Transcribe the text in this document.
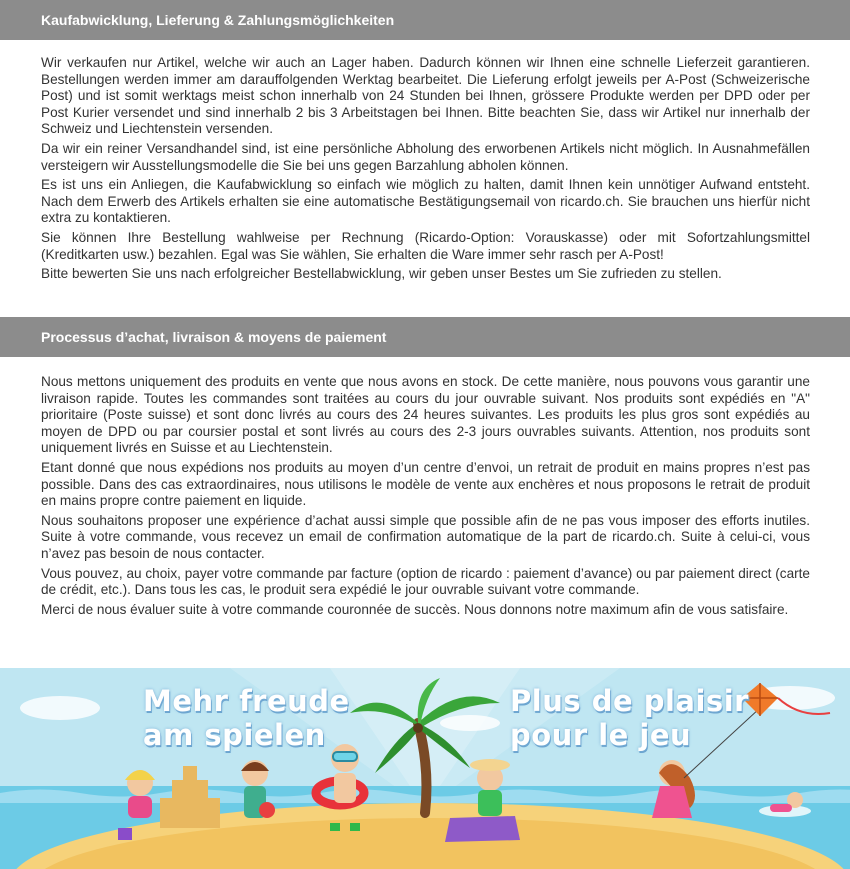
Kaufabwicklung, Lieferung & Zahlungsmöglichkeiten

Wir verkaufen nur Artikel, welche wir auch an Lager haben. Dadurch können wir Ihnen eine schnelle Lieferzeit garantieren. Bestellungen werden immer am darauffolgenden Werktag bearbeitet. Die Lieferung erfolgt jeweils per A-Post (Schweizerische Post) und ist somit werktags meist schon innerhalb von 24 Stunden bei Ihnen, grössere Produkte werden per DPD oder per Post Kurier versendet und sind innerhalb 2 bis 3 Arbeitstagen bei Ihnen. Bitte beachten Sie, dass wir Artikel nur innerhalb der Schweiz und Liechtenstein versenden.

Da wir ein reiner Versandhandel sind, ist eine persönliche Abholung des erworbenen Artikels nicht möglich. In Ausnahmefällen versteigern wir Ausstellungsmodelle die Sie bei uns gegen Barzahlung abholen können.

Es ist uns ein Anliegen, die Kaufabwicklung so einfach wie möglich zu halten, damit Ihnen kein unnötiger Aufwand entsteht. Nach dem Erwerb des Artikels erhalten sie eine automatische Bestätigungsemail von ricardo.ch. Sie brauchen uns hierfür nicht extra zu kontaktieren.

Sie können Ihre Bestellung wahlweise per Rechnung (Ricardo-Option: Vorauskasse) oder mit Sofortzahlungsmittel (Kreditkarten usw.) bezahlen. Egal was Sie wählen, Sie erhalten die Ware immer sehr rasch per A-Post!

Bitte bewerten Sie uns nach erfolgreicher Bestellabwicklung, wir geben unser Bestes um Sie zufrieden zu stellen.

Processus d’achat, livraison & moyens de paiement

Nous mettons uniquement des produits en vente que nous avons en stock. De cette manière, nous pouvons vous garantir une livraison rapide. Toutes les commandes sont traitées au cours du jour ouvrable suivant. Nos produits sont expédiés en "A" prioritaire (Poste suisse) et sont donc livrés au cours des 24 heures suivantes. Les produits les plus gros sont expédiés au moyen de DPD ou par coursier postal et sont livrés au cours des 2-3 jours ouvrables suivants. Attention, nos produits sont uniquement livrés en Suisse et au Liechtenstein.

Etant donné que nous expédions nos produits au moyen d’un centre d’envoi, un retrait de produit en mains propres n’est pas possible. Dans des cas extraordinaires, nous utilisons le modèle de vente aux enchères et nous proposons le retrait de produit en mains propre contre paiement en liquide.

Nous souhaitons proposer une expérience d’achat aussi simple que possible afin de ne pas vous imposer des efforts inutiles. Suite à votre commande, vous recevez un email de confirmation automatique de la part de ricardo.ch. Suite à celui-ci, vous n’avez pas besoin de nous contacter.

Vous pouvez, au choix, payer votre commande par facture (option de ricardo : paiement d’avance) ou par paiement direct (carte de crédit, etc.). Dans tous les cas, le produit sera expédié le jour ouvrable suivant votre commande.

Merci de nous évaluer suite à votre commande couronnée de succès. Nous donnons notre maximum afin de vous satisfaire.

Mehr freude
am spielen
Plus de plaisir
pour le jeu
